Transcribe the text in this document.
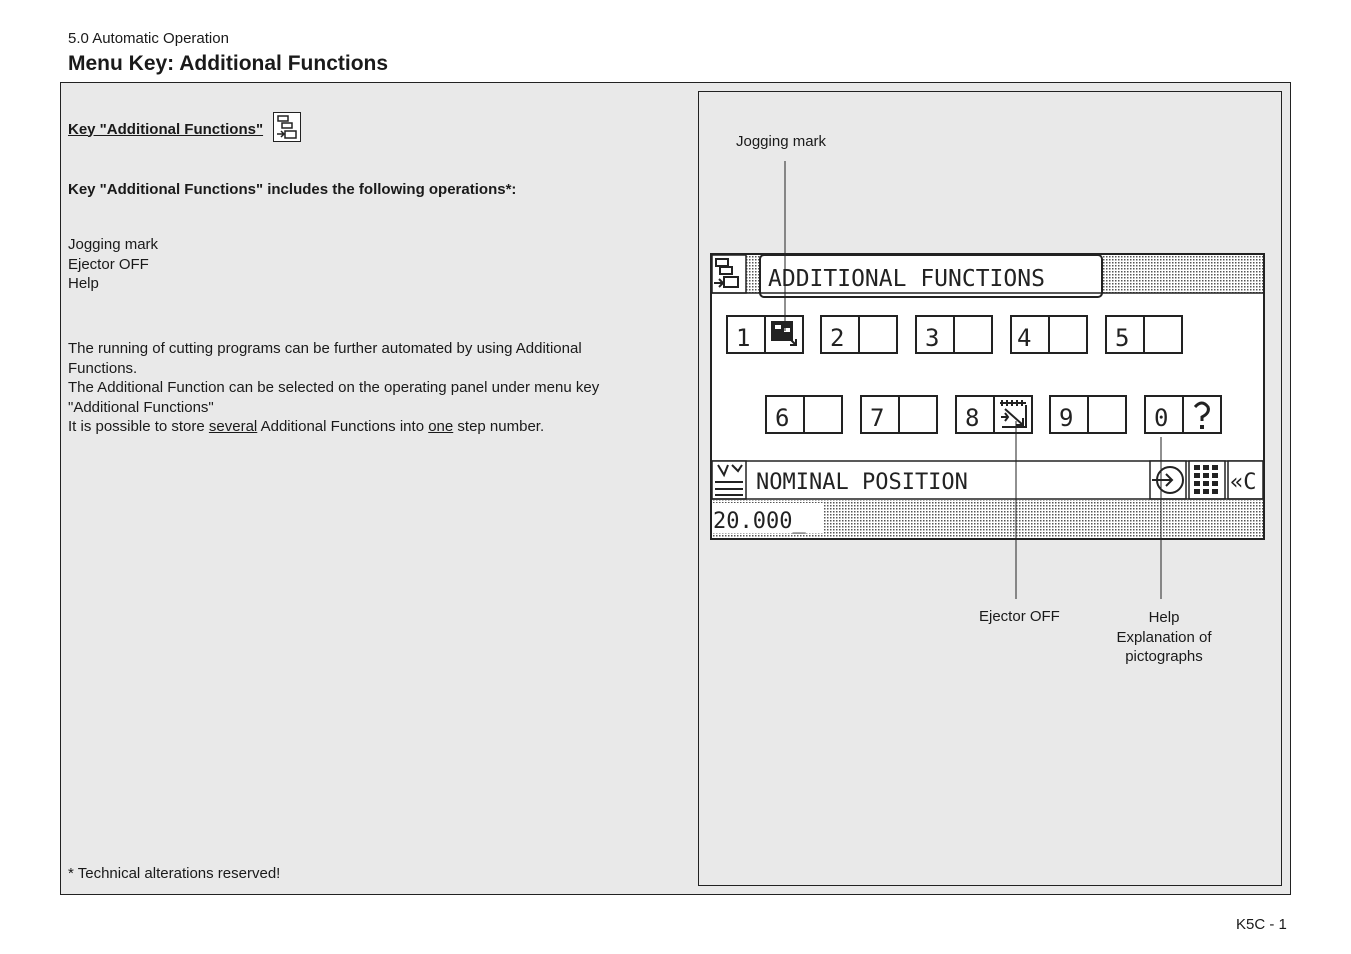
5.0 Automatic Operation
Menu Key: Additional Functions
Key "Additional Functions"
Key "Additional Functions" includes the following operations*:
Jogging mark
Ejector OFF
Help
The running of cutting programs can be further automated by using Additional Functions.
The Additional Function can be selected on the operating panel under menu key "Additional Functions"
It is possible to store several Additional Functions into one step number.
* Technical alterations reserved!
ADDITIONAL FUNCTIONS
1	2	3	4	5
6	7	8	9	0
NOMINAL POSITION	«C
20.000_
Jogging mark
Ejector OFF	Help
Explanation of
pictographs
K5C - 1
